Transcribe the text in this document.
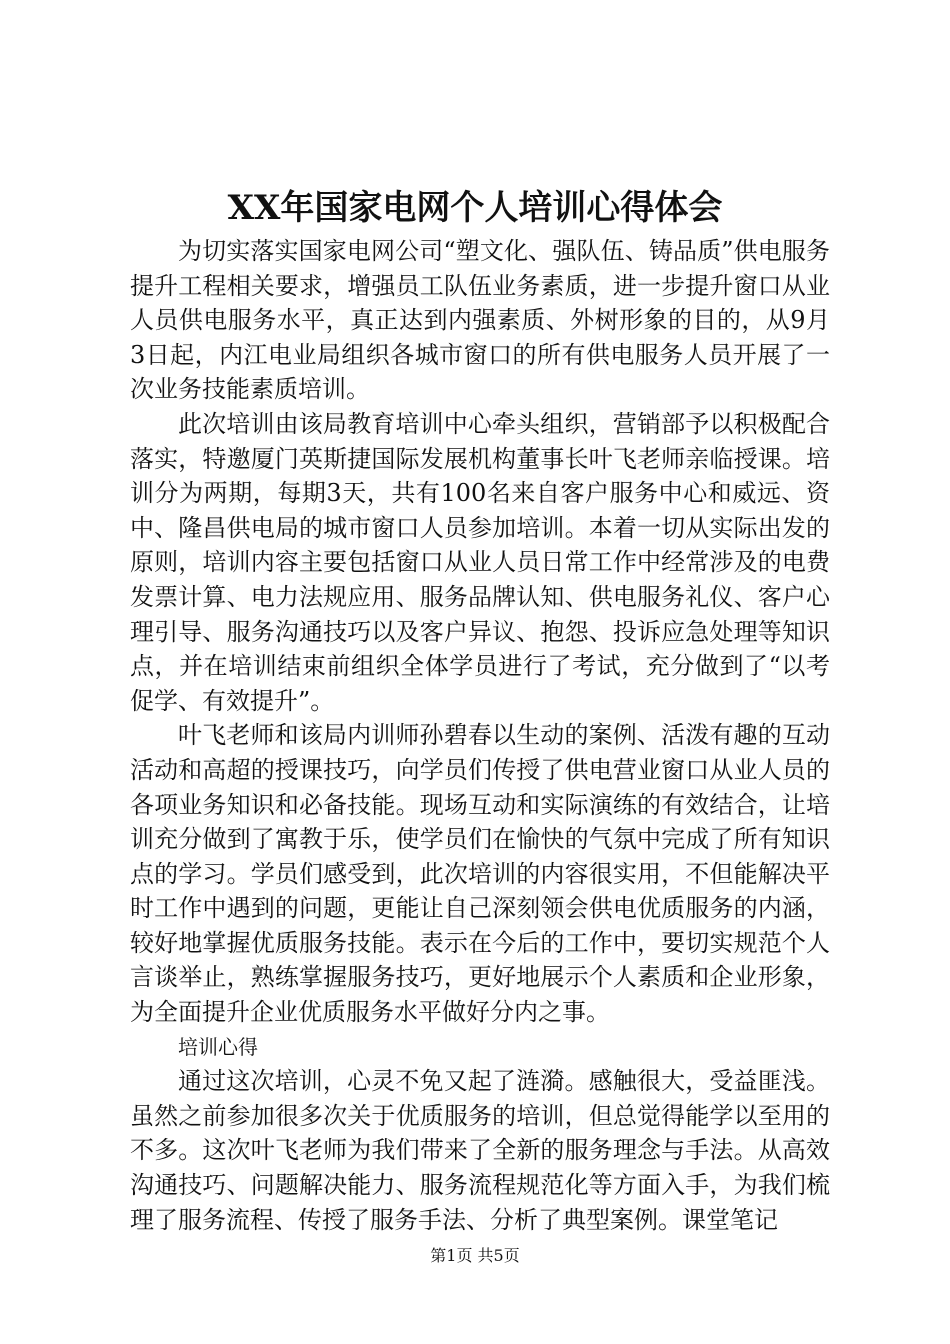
XX年国家电网个人培训心得体会

为切实落实国家电网公司“塑文化、强队伍、铸品质”供电服务提升工程相关要求，增强员工队伍业务素质，进一步提升窗口从业人员供电服务水平，真正达到内强素质、外树形象的目的，从9月3日起，内江电业局组织各城市窗口的所有供电服务人员开展了一次业务技能素质培训。

此次培训由该局教育培训中心牵头组织，营销部予以积极配合落实，特邀厦门英斯捷国际发展机构董事长叶飞老师亲临授课。培训分为两期，每期3天，共有100名来自客户服务中心和威远、资中、隆昌供电局的城市窗口人员参加培训。本着一切从实际出发的原则，培训内容主要包括窗口从业人员日常工作中经常涉及的电费发票计算、电力法规应用、服务品牌认知、供电服务礼仪、客户心理引导、服务沟通技巧以及客户异议、抱怨、投诉应急处理等知识点，并在培训结束前组织全体学员进行了考试，充分做到了“以考促学、有效提升”。

叶飞老师和该局内训师孙碧春以生动的案例、活泼有趣的互动活动和高超的授课技巧，向学员们传授了供电营业窗口从业人员的各项业务知识和必备技能。现场互动和实际演练的有效结合，让培训充分做到了寓教于乐，使学员们在愉快的气氛中完成了所有知识点的学习。学员们感受到，此次培训的内容很实用，不但能解决平时工作中遇到的问题，更能让自己深刻领会供电优质服务的内涵，较好地掌握优质服务技能。表示在今后的工作中，要切实规范个人言谈举止，熟练掌握服务技巧，更好地展示个人素质和企业形象，为全面提升企业优质服务水平做好分内之事。

培训心得

通过这次培训，心灵不免又起了涟漪。感触很大，受益匪浅。虽然之前参加很多次关于优质服务的培训，但总觉得能学以至用的不多。这次叶飞老师为我们带来了全新的服务理念与手法。从高效沟通技巧、问题解决能力、服务流程规范化等方面入手，为我们梳理了服务流程、传授了服务手法、分析了典型案例。课堂笔记

第1页 共5页
